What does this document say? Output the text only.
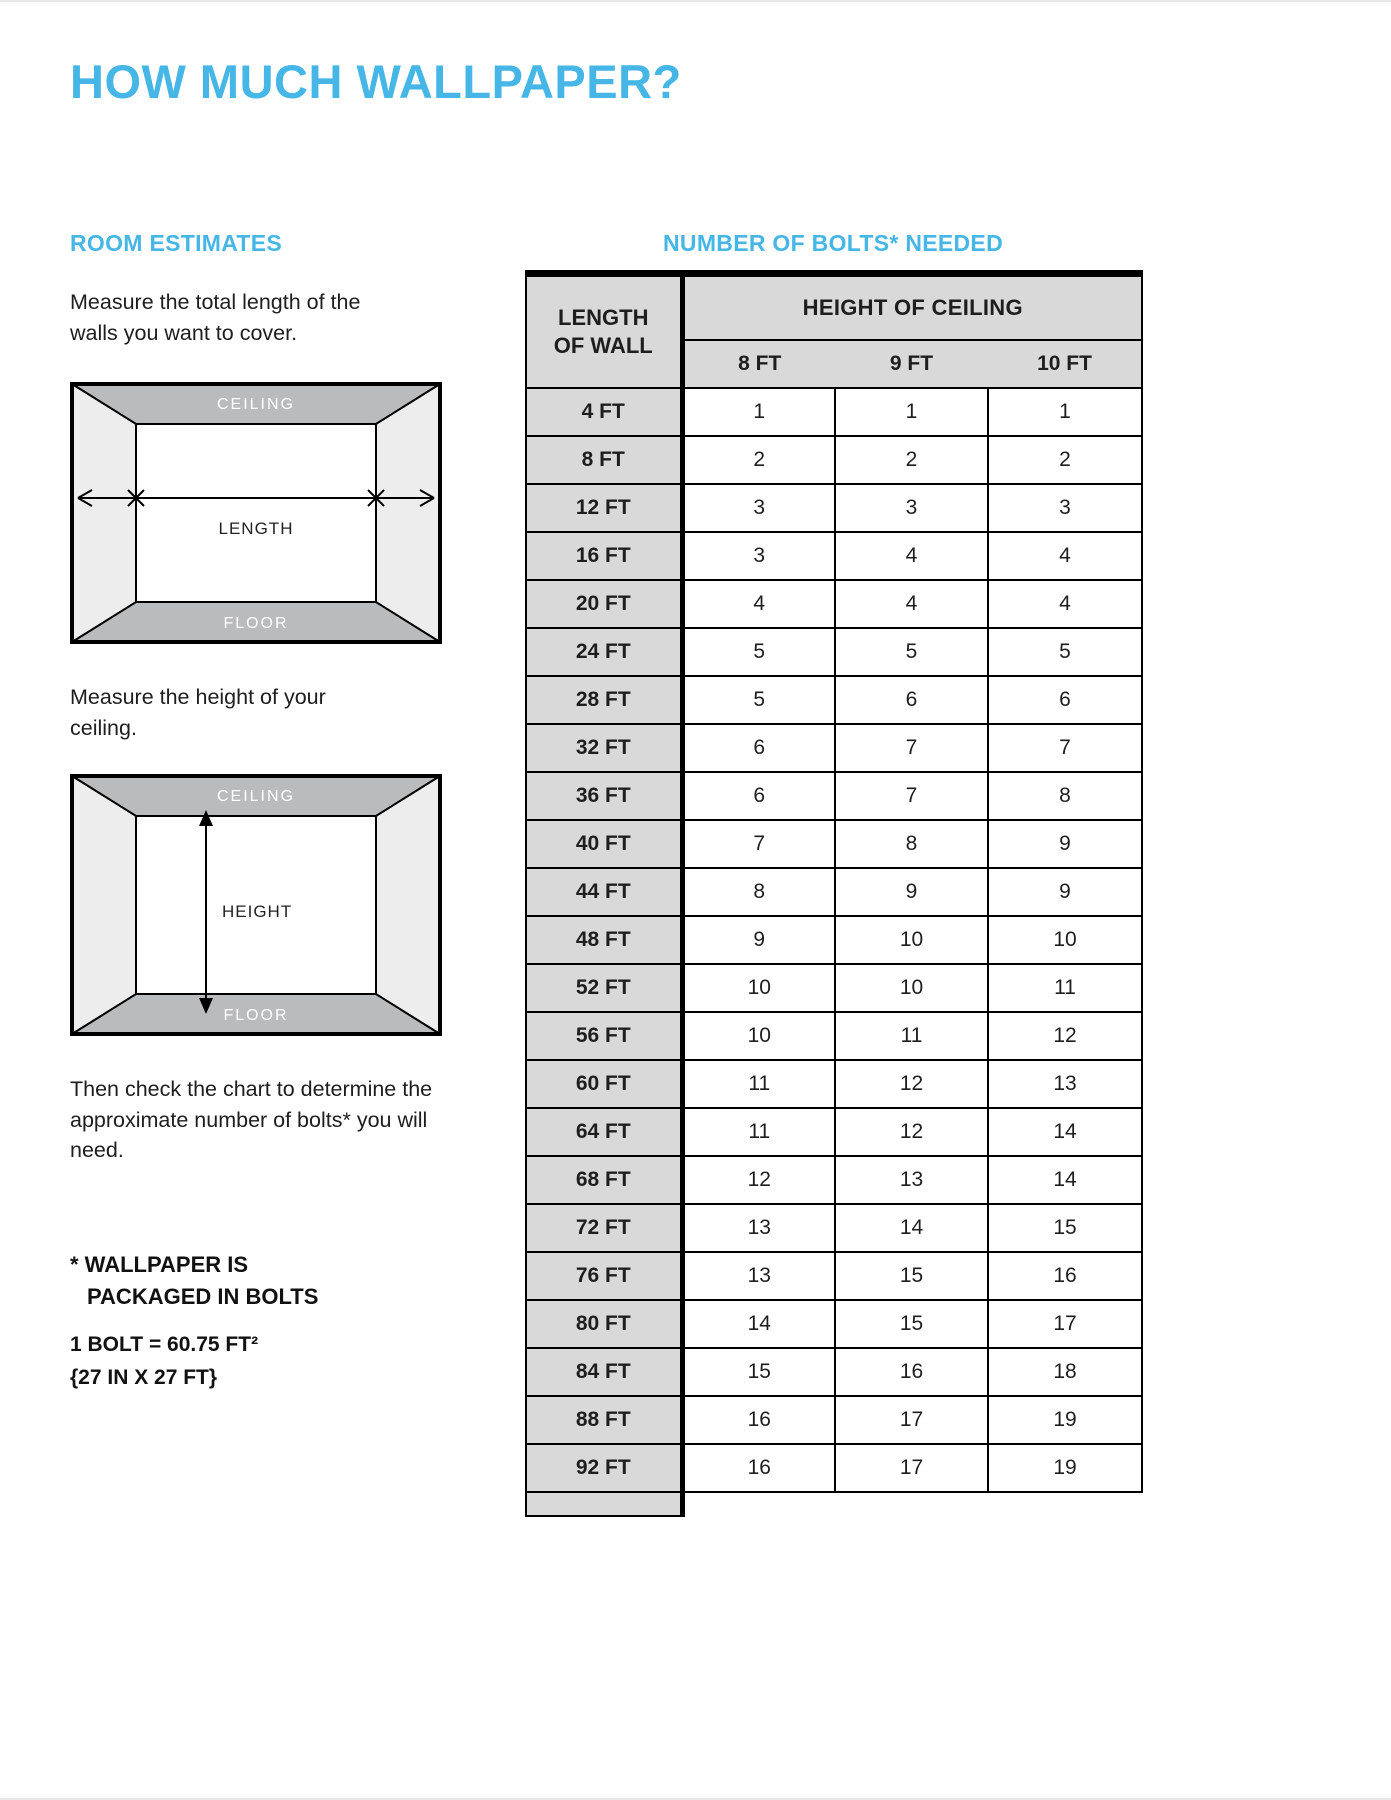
HOW MUCH WALLPAPER?
ROOM ESTIMATES	NUMBER OF BOLTS* NEEDED
Measure the total length of the walls you want to cover.
CEILING
FLOOR
LENGTH
Measure the height of your ceiling.
CEILING
FLOOR
HEIGHT
Then check the chart to determine the approximate number of bolts* you will need.
* WALLPAPER IS
PACKAGED IN BOLTS
1 BOLT = 60.75 FT²
{27 IN X 27 FT}
LENGTH OF WALL	HEIGHT OF CEILING		
	8 FT	9 FT	10 FT
4 FT	1	1	1
8 FT	2	2	2
12 FT	3	3	3
16 FT	3	4	4
20 FT	4	4	4
24 FT	5	5	5
28 FT	5	6	6
32 FT	6	7	7
36 FT	6	7	8
40 FT	7	8	9
44 FT	8	9	9
48 FT	9	10	10
52 FT	10	10	11
56 FT	10	11	12
60 FT	11	12	13
64 FT	11	12	14
68 FT	12	13	14
72 FT	13	14	15
76 FT	13	15	16
80 FT	14	15	17
84 FT	15	16	18
88 FT	16	17	19
92 FT	16	17	19
